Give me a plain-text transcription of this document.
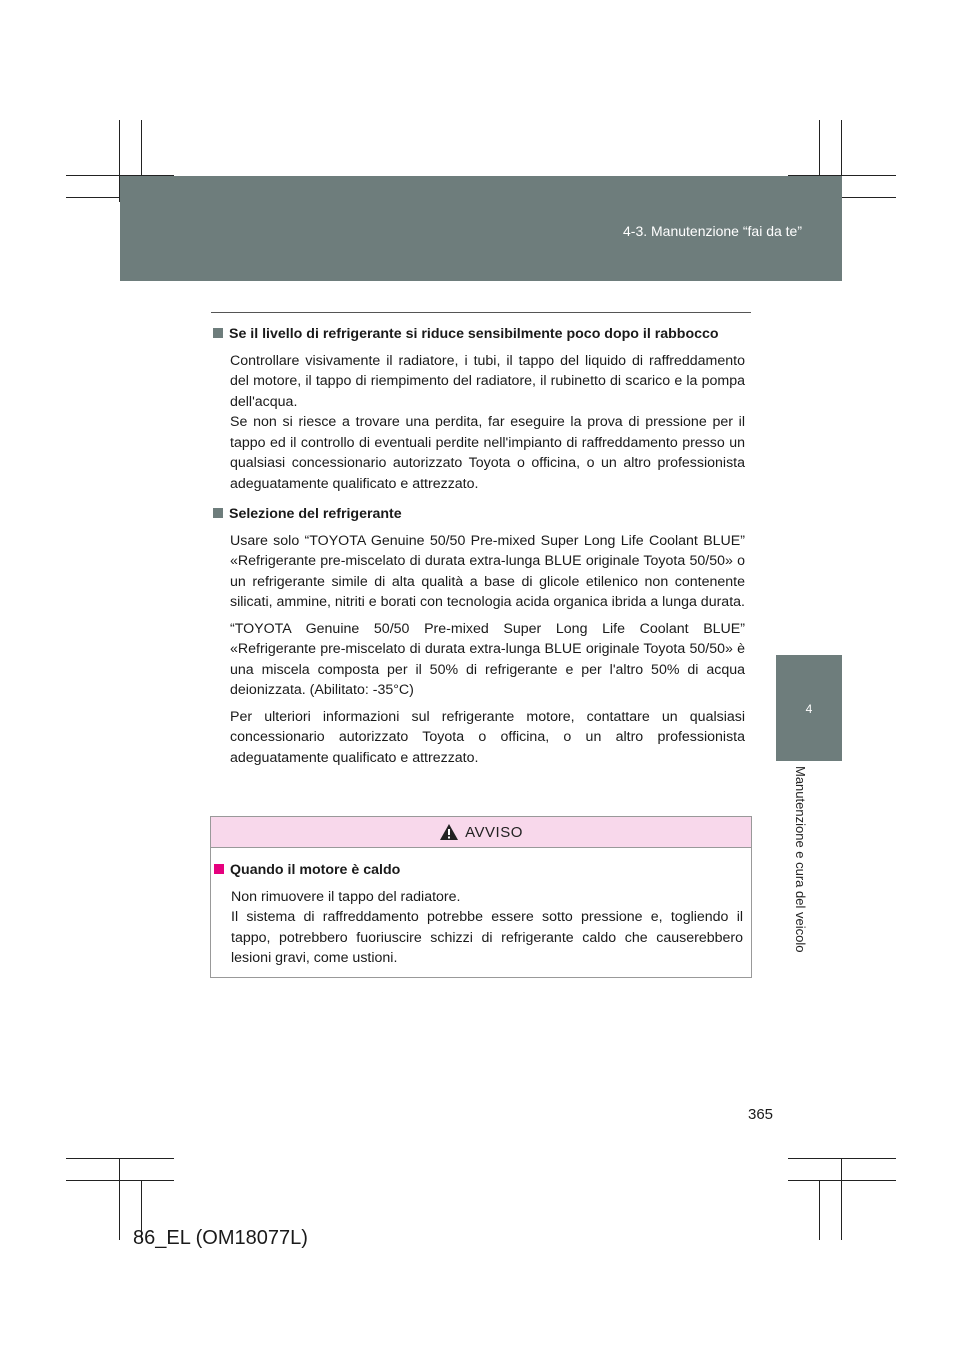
4-3. Manutenzione “fai da te”
4
Manutenzione e cura del veicolo

Se il livello di refrigerante si riduce sensibilmente poco dopo il rabbocco

Controllare visivamente il radiatore, i tubi, il tappo del liquido di raffreddamento del motore, il tappo di riempimento del radiatore, il rubinetto di scarico e la pompa dell'acqua.
Se non si riesce a trovare una perdita, far eseguire la prova di pressione per il tappo ed il controllo di eventuali perdite nell'impianto di raffreddamento presso un qualsiasi concessionario autorizzato Toyota o officina, o un altro professionista adeguatamente qualificato e attrezzato.

Selezione del refrigerante

Usare solo “TOYOTA Genuine 50/50 Pre-mixed Super Long Life Coolant BLUE” «Refrigerante pre-miscelato di durata extra-lunga BLUE originale Toyota 50/50» o un refrigerante simile di alta qualità a base di glicole etilenico non contenente silicati, ammine, nitriti e borati con tecnologia acida organica ibrida a lunga durata.

“TOYOTA Genuine 50/50 Pre-mixed Super Long Life Coolant BLUE” «Refrigerante pre-miscelato di durata extra-lunga BLUE originale Toyota 50/50» è una miscela composta per il 50% di refrigerante e per l'altro 50% di acqua deionizzata. (Abilitato: -35°C)

Per ulteriori informazioni sul refrigerante motore, contattare un qualsiasi concessionario autorizzato Toyota o officina, o un altro professionista adeguatamente qualificato e attrezzato.

AVVISO
Quando il motore è caldo

Non rimuovere il tappo del radiatore.
Il sistema di raffreddamento potrebbe essere sotto pressione e, togliendo il tappo, potrebbero fuoriuscire schizzi di refrigerante caldo che causerebbero lesioni gravi, come ustioni.

365
86_EL (OM18077L)
